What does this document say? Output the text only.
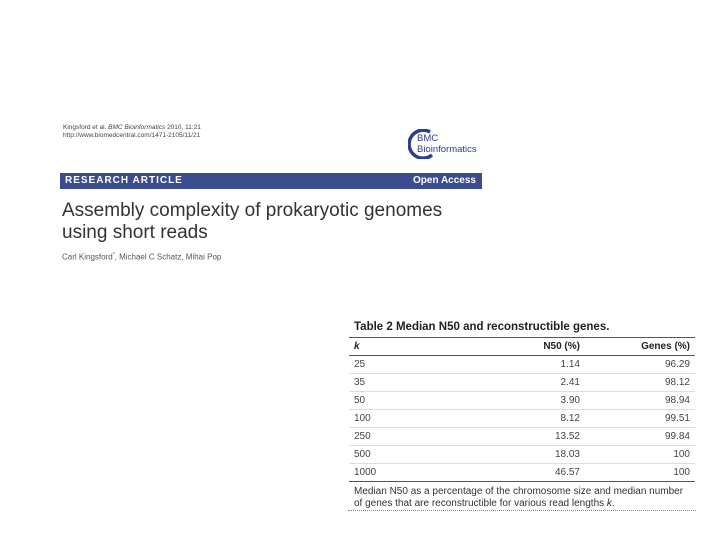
Kingsford et al. BMC Bioinformatics 2010, 11:21
http://www.biomedcentral.com/1471-2105/11/21	BMC
Bioinformatics
RESEARCH ARTICLE	Open Access
Assembly complexity of prokaryotic genomes
using short reads
Carl Kingsford*, Michael C Schatz, Mihai Pop
Table 2 Median N50 and reconstructible genes.
k	N50 (%)	Genes (%)
25	1.14	96.29
35	2.41	98.12
50	3.90	98.94
100	8.12	99.51
250	13.52	99.84
500	18.03	100
1000	46.57	100
Median N50 as a percentage of the chromosome size and median number of genes that are reconstructible for various read lengths k.
